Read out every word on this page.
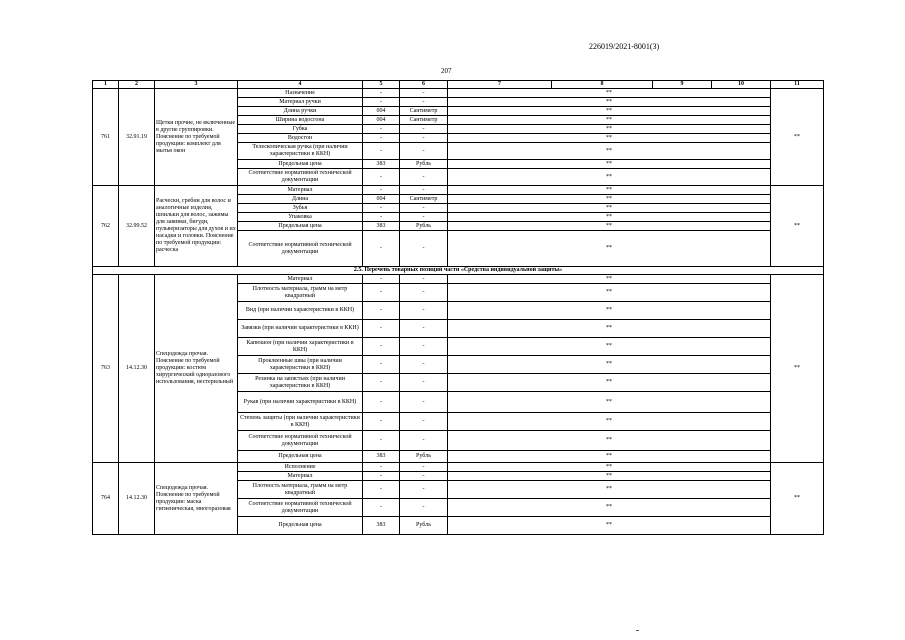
226019/2021-8001(3)
207
1	2	3	4	5	6	7	8	9	10	11
761	32.91.19	Щетки прочие, не включенные в другие группировки. Пояснение по требуемой продукции: комплект для мытья окон	Назначение	-	-	**				**
			Материал ручки	-	-	**				
			Длина ручки	004	Сантиметр	**				
			Ширина водосгона	004	Сантиметр	**				
			Губка	-	-	**				
			Водосгон	-	-	**				
			Телескопическая ручка (при наличии характеристики в ККН)	-	-	**				
			Предельная цена	383	Рубль	**				
			Соответствие нормативной технической документации	-	-	**				
762	32.99.52	Расчески, гребни для волос и аналогичные изделия, шпильки для волос, зажимы для завивки, бигуди, пульверизаторы для духов и их насадки и головки. Пояснение по требуемой продукции: расческа	Материал	-	-	**				**
			Длина	004	Сантиметр	**				
			Зубья	-	-	**				
			Упаковка	-	-	**				
			Предельная цена	383	Рубль	**				
			Соответствие нормативной технической документации	-	-	**				
2.5. Перечень товарных позиций части «Средства индивидуальной защиты»										
763	14.12.30	Спецодежда прочая. Пояснение по требуемой продукции: костюм хирургический одноразового использования, нестерильный	Материал	-	-	**				**
			Плотность материала, грамм на метр квадратный	-	-	**				
			Вид (при наличии характеристики в ККН)	-	-	**				
			Завязки (при наличии характеристики в ККН)	-	-	**				
			Капюшон (при наличии характеристики в ККН)	-	-	**				
			Проклеенные швы (при наличии характеристики в ККН)	-	-	**				
			Резинка на запястьях (при наличии характеристики в ККН)	-	-	**				
			Рукав (при наличии характеристики в ККН)	-	-	**				
			Степень защиты (при наличии характеристики в ККН)	-	-	**				
			Соответствие нормативной технической документации	-	-	**				
			Предельная цена	383	Рубль	**				
764	14.12.30	Спецодежда прочая. Пояснение по требуемой продукции: маска гигиеническая, многоразовая	Исполнение	-	-	**				**
			Материал	-	-	**				
			Плотность материала, грамм на метр квадратный	-	-	**				
			Соответствие нормативной технической документации	-	-	**				
			Предельная цена	383	Рубль	**				
